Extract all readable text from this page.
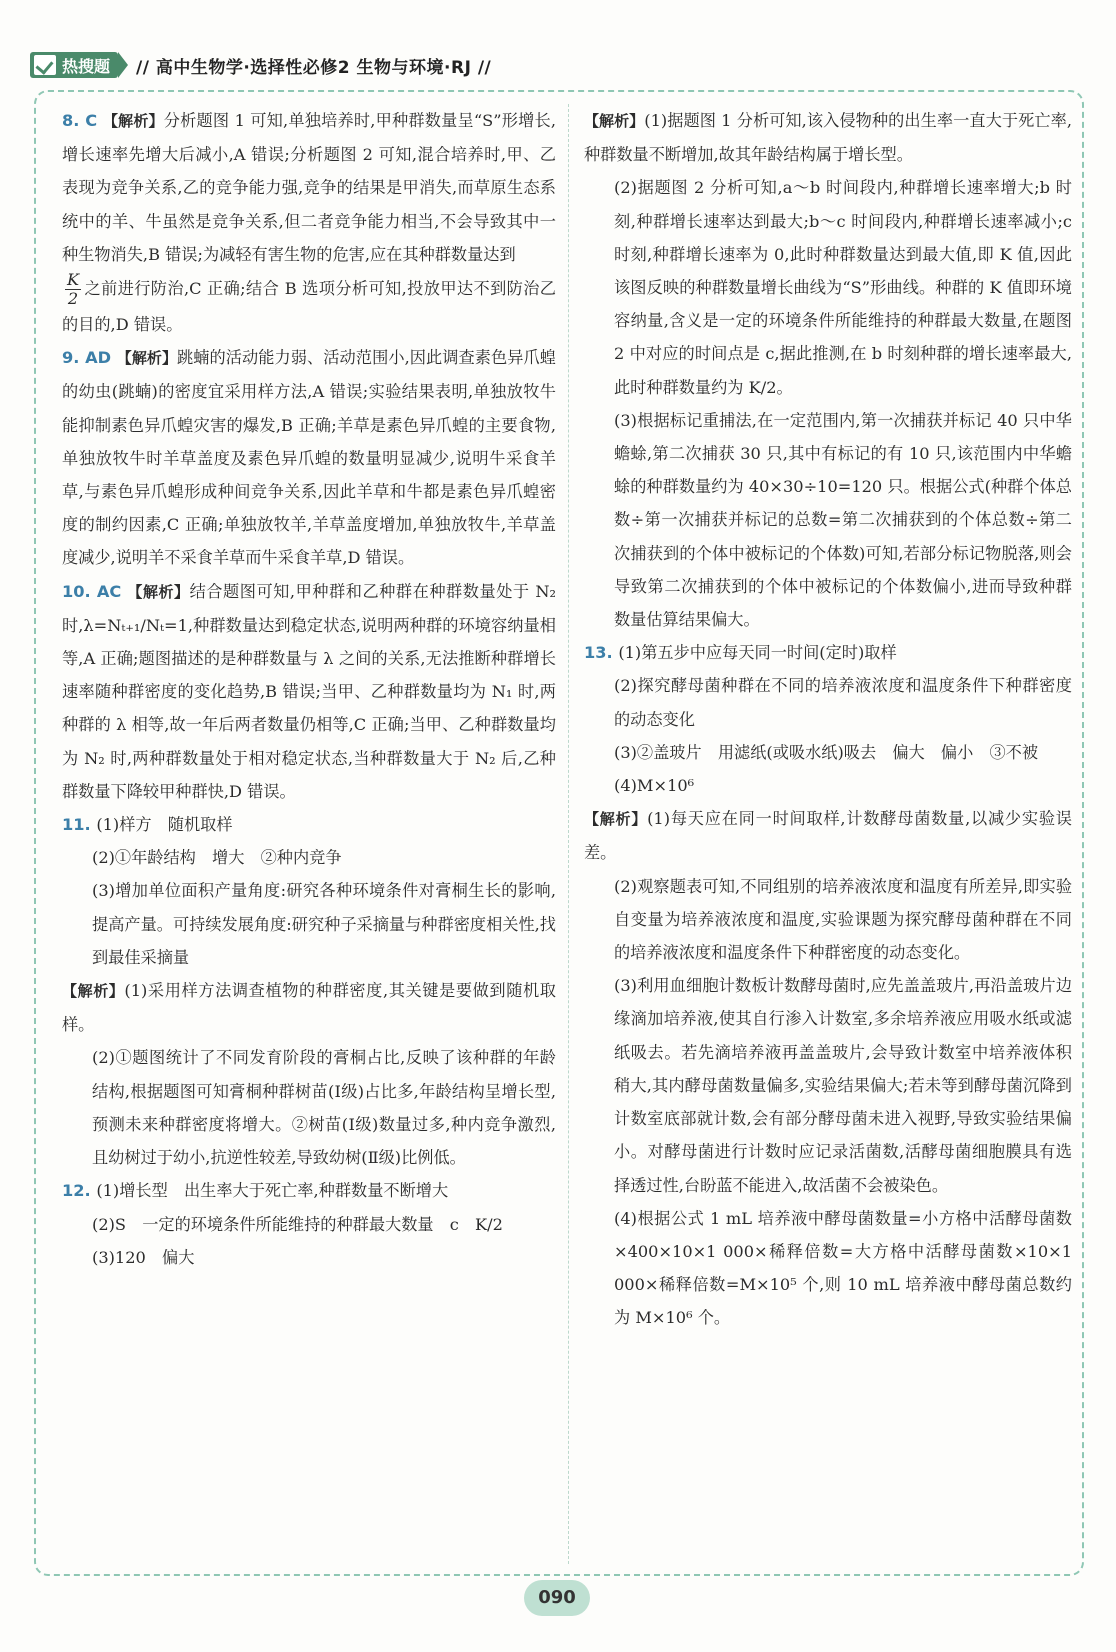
热搜题 // 高中生物学·选择性必修2 生物与环境·RJ //

8. C 【解析】分析题图 1 可知,单独培养时,甲种群数量呈“S”形增长,增长速率先增大后减小,A 错误;分析题图 2 可知,混合培养时,甲、乙表现为竞争关系,乙的竞争能力强,竞争的结果是甲消失,而草原生态系统中的羊、牛虽然是竞争关系,但二者竞争能力相当,不会导致其中一种生物消失,B 错误;为减轻有害生物的危害,应在其种群数量达到

$\frac{K}{2}$ 之前进行防治,C 正确;结合 B 选项分析可知,投放甲达不到防治乙的目的,D 错误。

9. AD 【解析】跳蝻的活动能力弱、活动范围小,因此调查素色异爪蝗的幼虫(跳蝻)的密度宜采用样方法,A 错误;实验结果表明,单独放牧牛能抑制素色异爪蝗灾害的爆发,B 正确;羊草是素色异爪蝗的主要食物,单独放牧牛时羊草盖度及素色异爪蝗的数量明显减少,说明牛采食羊草,与素色异爪蝗形成种间竞争关系,因此羊草和牛都是素色异爪蝗密度的制约因素,C 正确;单独放牧羊,羊草盖度增加,单独放牧牛,羊草盖度减少,说明羊不采食羊草而牛采食羊草,D 错误。

10. AC 【解析】结合题图可知,甲种群和乙种群在种群数量处于 N₂ 时,λ=Nₜ₊₁/Nₜ=1,种群数量达到稳定状态,说明两种群的环境容纳量相等,A 正确;题图描述的是种群数量与 λ 之间的关系,无法推断种群增长速率随种群密度的变化趋势,B 错误;当甲、乙种群数量均为 N₁ 时,两种群的 λ 相等,故一年后两者数量仍相等,C 正确;当甲、乙种群数量均为 N₂ 时,两种群数量处于相对稳定状态,当种群数量大于 N₂ 后,乙种群数量下降较甲种群快,D 错误。

11. (1)样方　随机取样

(2)①年龄结构　增大　②种内竞争

(3)增加单位面积产量角度:研究各种环境条件对膏桐生长的影响,提高产量。可持续发展角度:研究种子采摘量与种群密度相关性,找到最佳采摘量

【解析】(1)采用样方法调查植物的种群密度,其关键是要做到随机取样。

(2)①题图统计了不同发育阶段的膏桐占比,反映了该种群的年龄结构,根据题图可知膏桐种群树苗(Ⅰ级)占比多,年龄结构呈增长型,预测未来种群密度将增大。②树苗(Ⅰ级)数量过多,种内竞争激烈,且幼树过于幼小,抗逆性较差,导致幼树(Ⅱ级)比例低。

12. (1)增长型　出生率大于死亡率,种群数量不断增大

(2)S　一定的环境条件所能维持的种群最大数量　c　K/2

(3)120　偏大

【解析】(1)据题图 1 分析可知,该入侵物种的出生率一直大于死亡率,种群数量不断增加,故其年龄结构属于增长型。

(2)据题图 2 分析可知,a～b 时间段内,种群增长速率增大;b 时刻,种群增长速率达到最大;b～c 时间段内,种群增长速率减小;c 时刻,种群增长速率为 0,此时种群数量达到最大值,即 K 值,因此该图反映的种群数量增长曲线为“S”形曲线。种群的 K 值即环境容纳量,含义是一定的环境条件所能维持的种群最大数量,在题图 2 中对应的时间点是 c,据此推测,在 b 时刻种群的增长速率最大,此时种群数量约为 K/2。

(3)根据标记重捕法,在一定范围内,第一次捕获并标记 40 只中华蟾蜍,第二次捕获 30 只,其中有标记的有 10 只,该范围内中华蟾蜍的种群数量约为 40×30÷10=120 只。根据公式(种群个体总数÷第一次捕获并标记的总数=第二次捕获到的个体总数÷第二次捕获到的个体中被标记的个体数)可知,若部分标记物脱落,则会导致第二次捕获到的个体中被标记的个体数偏小,进而导致种群数量估算结果偏大。

13. (1)第五步中应每天同一时间(定时)取样

(2)探究酵母菌种群在不同的培养液浓度和温度条件下种群密度的动态变化

(3)②盖玻片　用滤纸(或吸水纸)吸去　偏大　偏小　③不被

(4)M×10⁶

【解析】(1)每天应在同一时间取样,计数酵母菌数量,以减少实验误差。

(2)观察题表可知,不同组别的培养液浓度和温度有所差异,即实验自变量为培养液浓度和温度,实验课题为探究酵母菌种群在不同的培养液浓度和温度条件下种群密度的动态变化。

(3)利用血细胞计数板计数酵母菌时,应先盖盖玻片,再沿盖玻片边缘滴加培养液,使其自行渗入计数室,多余培养液应用吸水纸或滤纸吸去。若先滴培养液再盖盖玻片,会导致计数室中培养液体积稍大,其内酵母菌数量偏多,实验结果偏大;若未等到酵母菌沉降到计数室底部就计数,会有部分酵母菌未进入视野,导致实验结果偏小。对酵母菌进行计数时应记录活菌数,活酵母菌细胞膜具有选择透过性,台盼蓝不能进入,故活菌不会被染色。

(4)根据公式 1 mL 培养液中酵母菌数量=小方格中活酵母菌数×400×10×1 000×稀释倍数=大方格中活酵母菌数×10×1 000×稀释倍数=M×10⁵ 个,则 10 mL 培养液中酵母菌总数约为 M×10⁶ 个。

090
